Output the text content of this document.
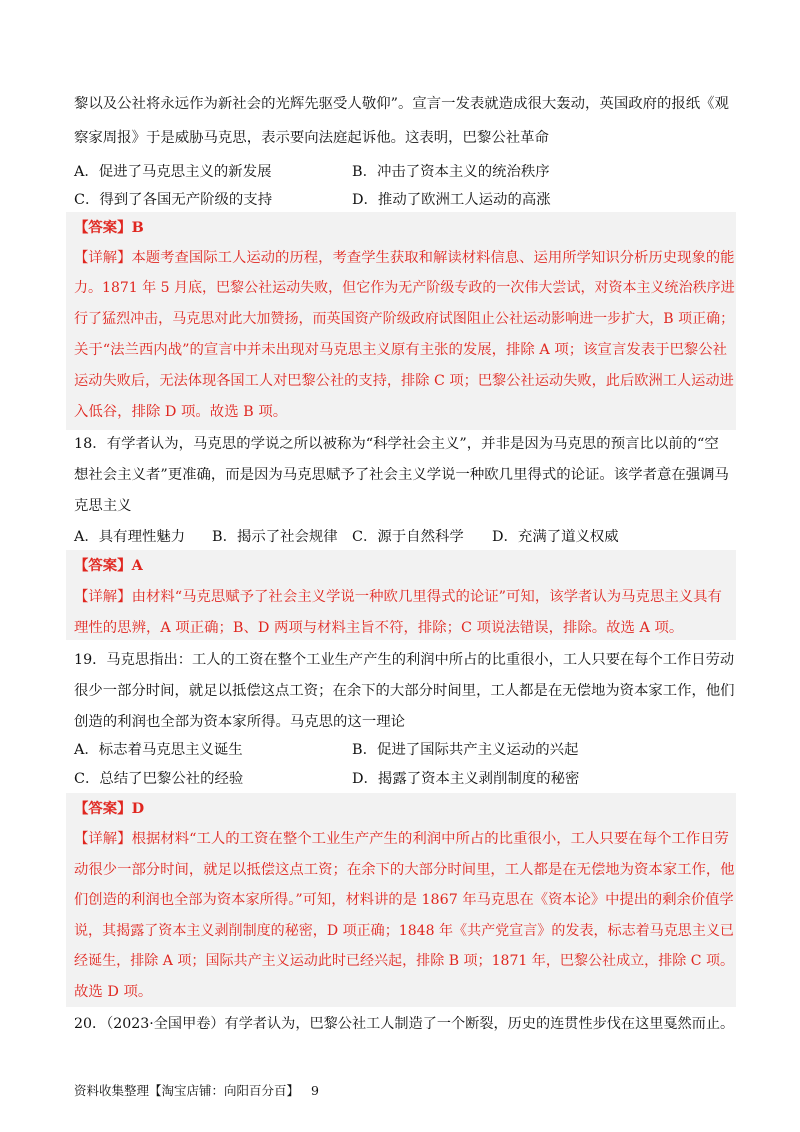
黎以及公社将永远作为新社会的光辉先驱受人敬仰”。宣言一发表就造成很大轰动，英国政府的报纸《观
察家周报》于是威胁马克思，表示要向法庭起诉他。这表明，巴黎公社革命
A．促进了马克思主义的新发展	B．冲击了资本主义的统治秩序
C．得到了各国无产阶级的支持	D．推动了欧洲工人运动的高涨
【答案】B
【详解】本题考查国际工人运动的历程，考查学生获取和解读材料信息、运用所学知识分析历史现象的能
力。1871 年 5 月底，巴黎公社运动失败，但它作为无产阶级专政的一次伟大尝试，对资本主义统治秩序进
行了猛烈冲击，马克思对此大加赞扬，而英国资产阶级政府试图阻止公社运动影响进一步扩大，B 项正确；
关于“法兰西内战”的宣言中并未出现对马克思主义原有主张的发展，排除 A 项；该宣言发表于巴黎公社
运动失败后，无法体现各国工人对巴黎公社的支持，排除 C 项；巴黎公社运动失败，此后欧洲工人运动进
入低谷，排除 D 项。故选 B 项。
18．有学者认为，马克思的学说之所以被称为“科学社会主义”，并非是因为马克思的预言比以前的“空
想社会主义者”更准确，而是因为马克思赋予了社会主义学说一种欧几里得式的论证。该学者意在强调马
克思主义
A．具有理性魅力 B．揭示了社会规律 C．源于自然科学 D．充满了道义权威
【答案】A
【详解】由材料“马克思赋予了社会主义学说一种欧几里得式的论证”可知，该学者认为马克思主义具有
理性的思辨，A 项正确；B、D 两项与材料主旨不符，排除；C 项说法错误，排除。故选 A 项。
19．马克思指出：工人的工资在整个工业生产产生的利润中所占的比重很小，工人只要在每个工作日劳动
很少一部分时间，就足以抵偿这点工资；在余下的大部分时间里，工人都是在无偿地为资本家工作，他们
创造的利润也全部为资本家所得。马克思的这一理论
A．标志着马克思主义诞生	B．促进了国际共产主义运动的兴起
C．总结了巴黎公社的经验	D．揭露了资本主义剥削制度的秘密
【答案】D
【详解】根据材料“工人的工资在整个工业生产产生的利润中所占的比重很小，工人只要在每个工作日劳
动很少一部分时间，就足以抵偿这点工资；在余下的大部分时间里，工人都是在无偿地为资本家工作，他
们创造的利润也全部为资本家所得。”可知，材料讲的是 1867 年马克思在《资本论》中提出的剩余价值学
说，其揭露了资本主义剥削制度的秘密，D 项正确；1848 年《共产党宣言》的发表，标志着马克思主义已
经诞生，排除 A 项；国际共产主义运动此时已经兴起，排除 B 项；1871 年，巴黎公社成立，排除 C 项。
故选 D 项。
20．（2023·全国甲卷）有学者认为，巴黎公社工人制造了一个断裂，历史的连贯性步伐在这里戛然而止。
资料收集整理【淘宝店铺：向阳百分百】 9
